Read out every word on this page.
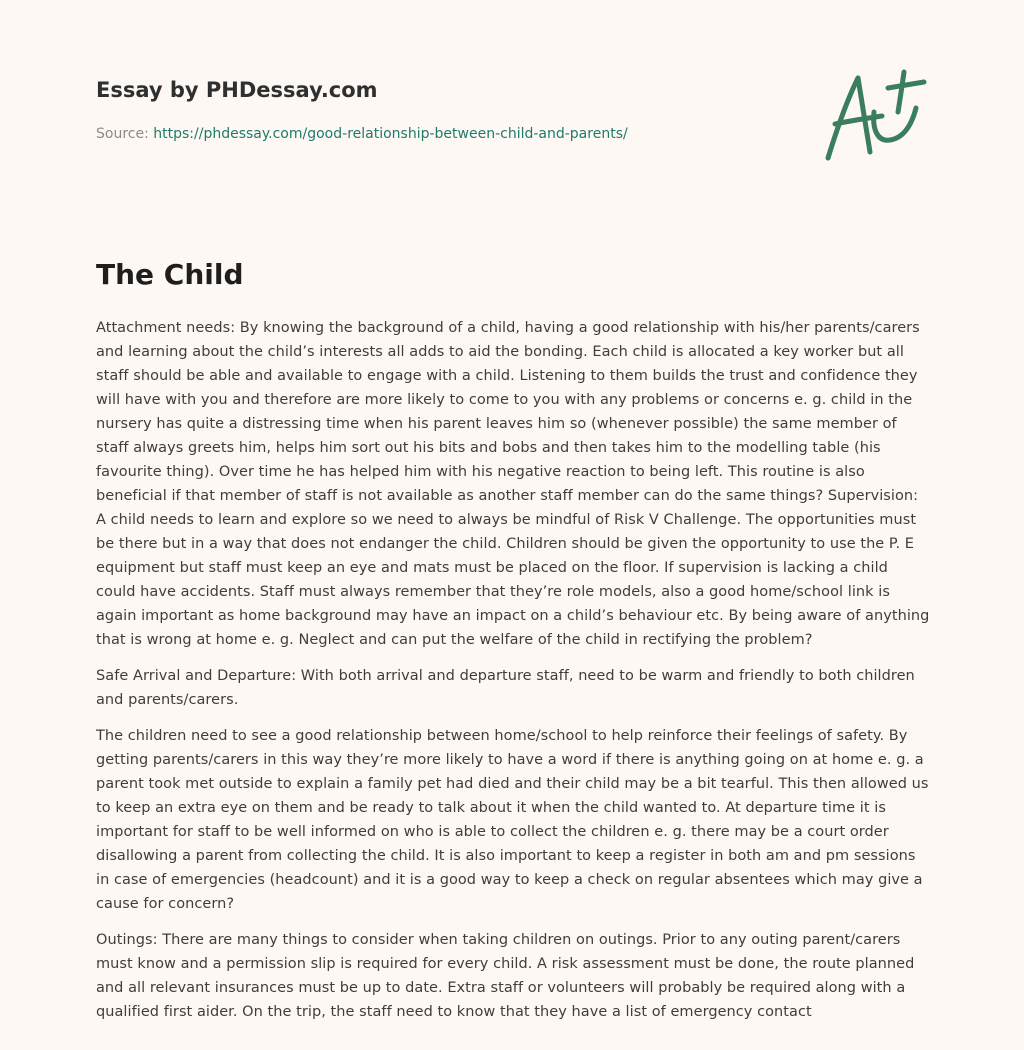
Essay by PHDessay.com
Source: https://phdessay.com/good-relationship-between-child-and-parents/
The Child

Attachment needs: By knowing the background of a child, having a good relationship with his/her parents/carers and learning about the child’s interests all adds to aid the bonding. Each child is allocated a key worker but all staff should be able and available to engage with a child. Listening to them builds the trust and confidence they will have with you and therefore are more likely to come to you with any problems or concerns e. g. child in the nursery has quite a distressing time when his parent leaves him so (whenever possible) the same member of staff always greets him, helps him sort out his bits and bobs and then takes him to the modelling table (his favourite thing). Over time he has helped him with his negative reaction to being left. This routine is also beneficial if that member of staff is not available as another staff member can do the same things? Supervision: A child needs to learn and explore so we need to always be mindful of Risk V Challenge. The opportunities must be there but in a way that does not endanger the child. Children should be given the opportunity to use the P. E equipment but staff must keep an eye and mats must be placed on the floor. If supervision is lacking a child could have accidents. Staff must always remember that they’re role models, also a good home/school link is again important as home background may have an impact on a child’s behaviour etc. By being aware of anything that is wrong at home e. g. Neglect and can put the welfare of the child in rectifying the problem?

Safe Arrival and Departure: With both arrival and departure staff, need to be warm and friendly to both children and parents/carers.

The children need to see a good relationship between home/school to help reinforce their feelings of safety. By getting parents/carers in this way they’re more likely to have a word if there is anything going on at home e. g. a parent took met outside to explain a family pet had died and their child may be a bit tearful. This then allowed us to keep an extra eye on them and be ready to talk about it when the child wanted to. At departure time it is important for staff to be well informed on who is able to collect the children e. g. there may be a court order disallowing a parent from collecting the child. It is also important to keep a register in both am and pm sessions in case of emergencies (headcount) and it is a good way to keep a check on regular absentees which may give a cause for concern?

Outings: There are many things to consider when taking children on outings. Prior to any outing parent/carers must know and a permission slip is required for every child. A risk assessment must be done, the route planned and all relevant insurances must be up to date. Extra staff or volunteers will probably be required along with a qualified first aider. On the trip, the staff need to know that they have a list of emergency contact
